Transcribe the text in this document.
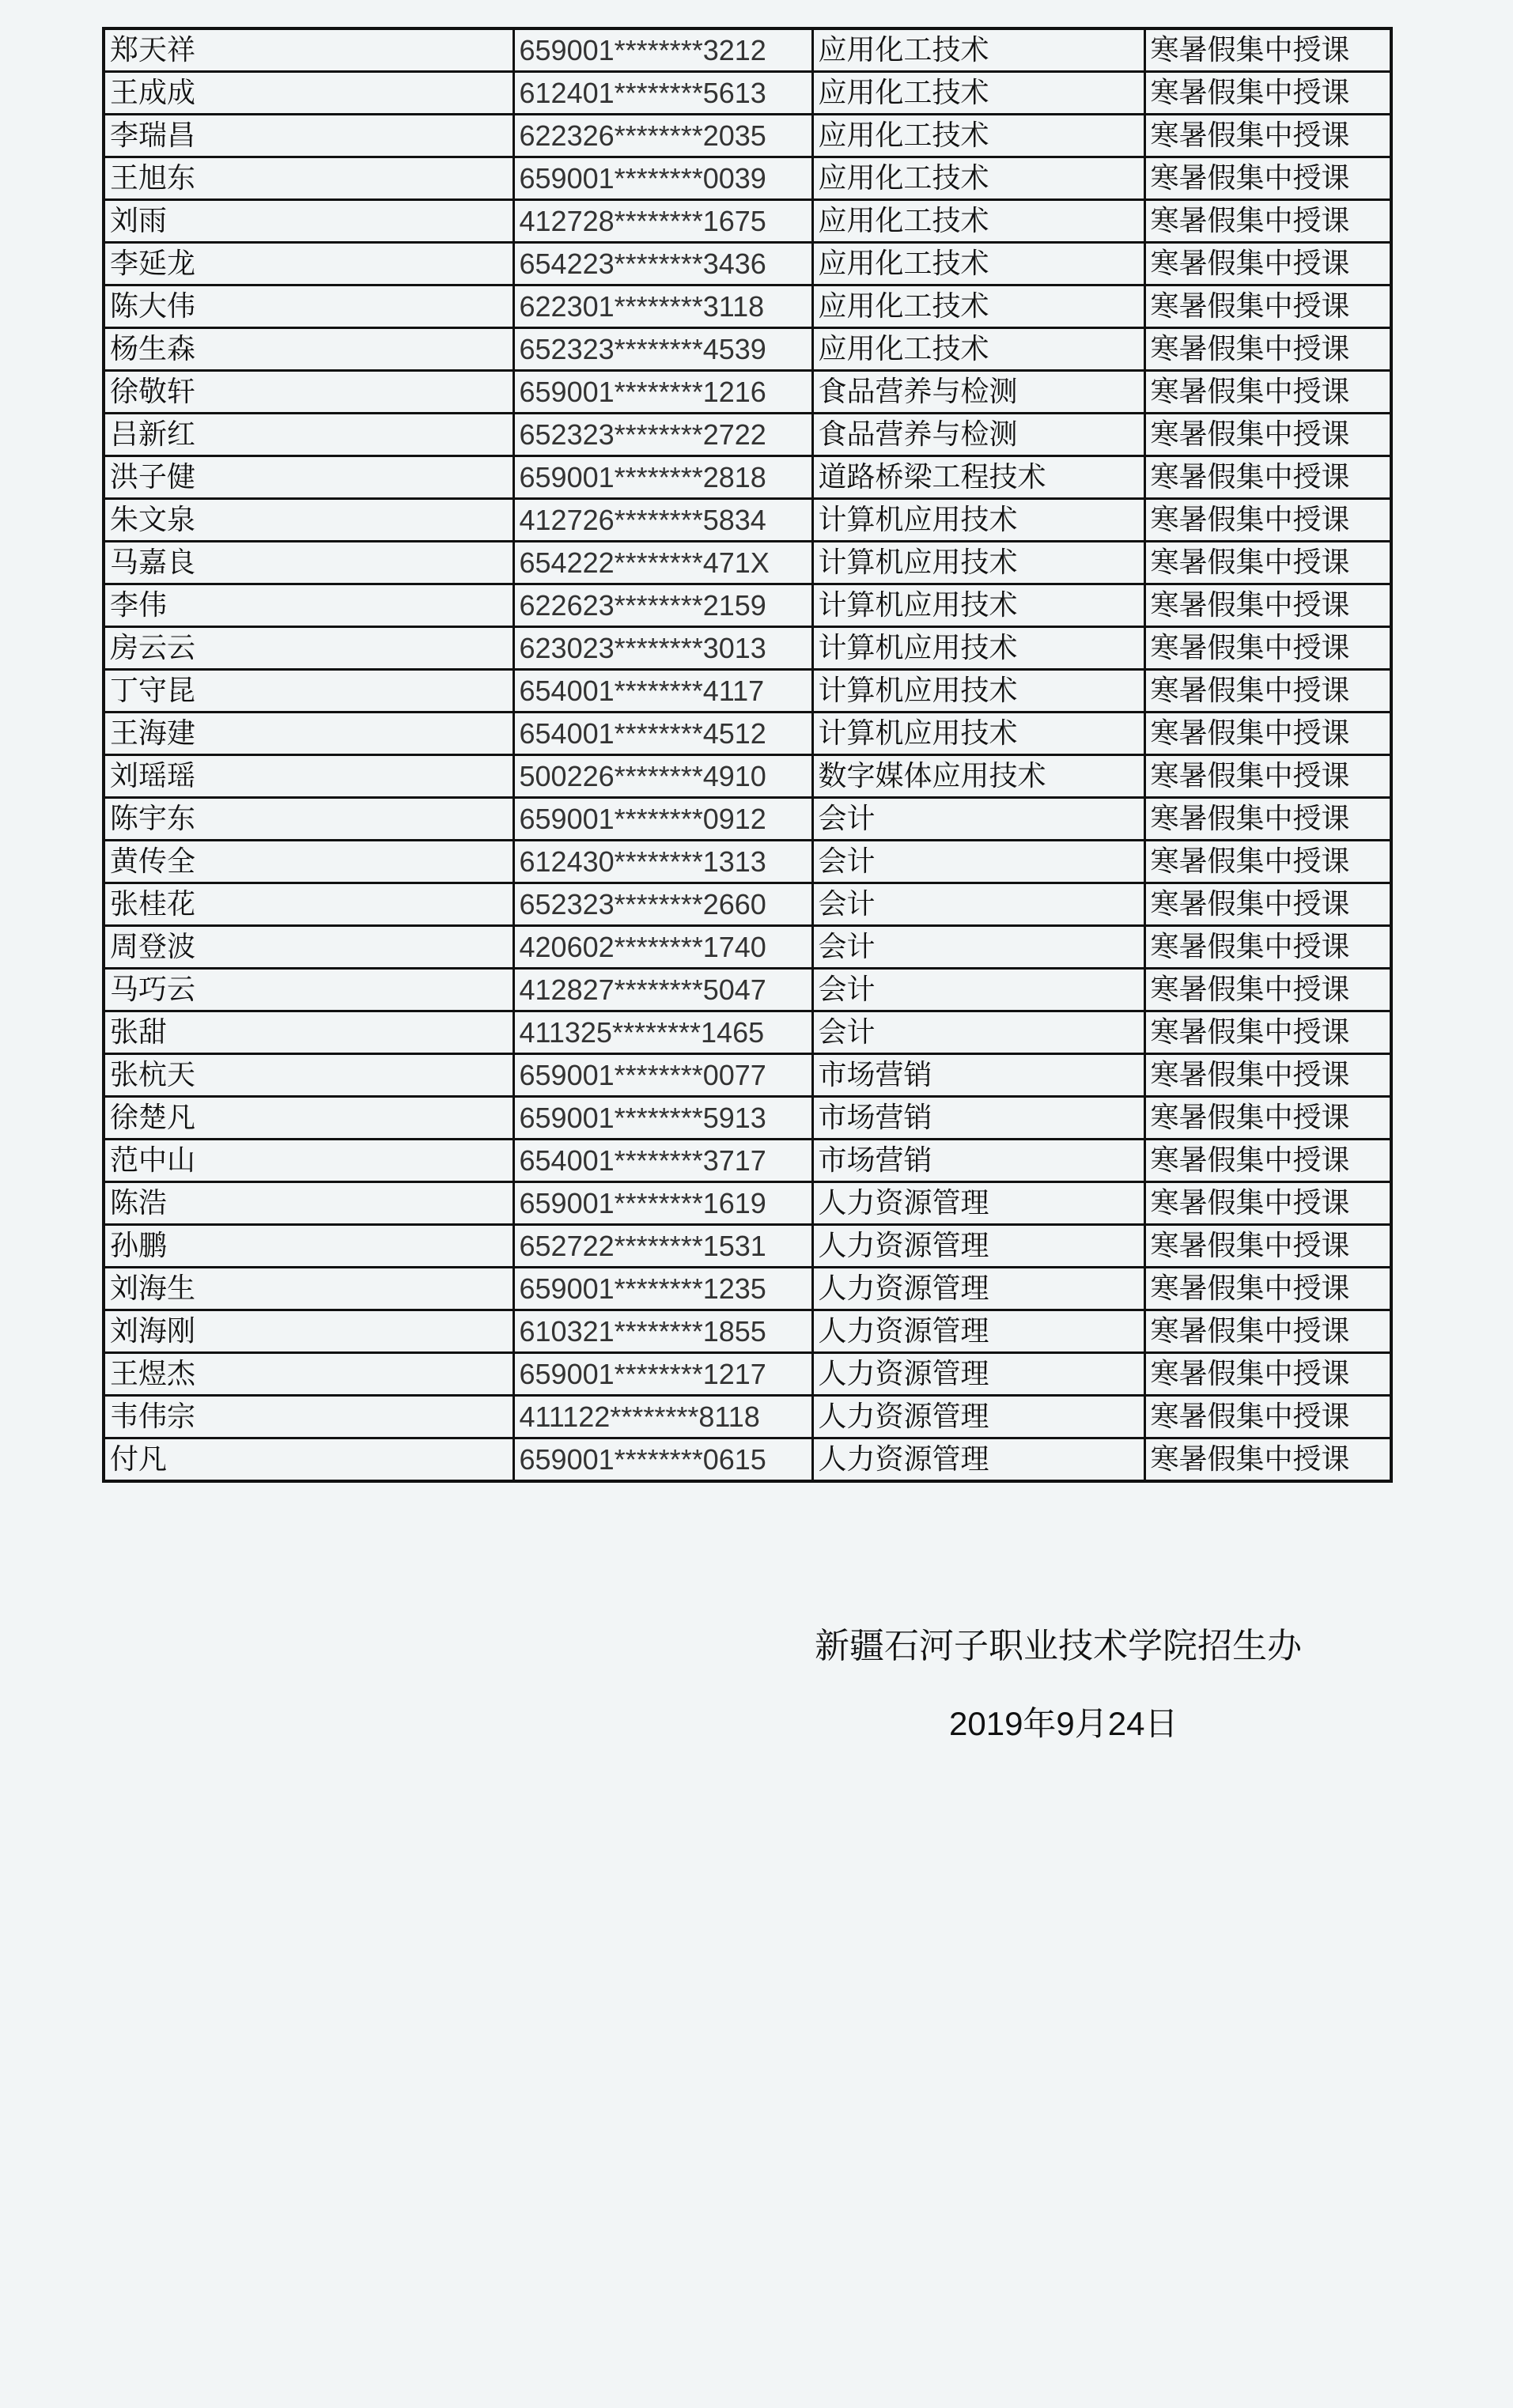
郑天祥	659001********3212	应用化工技术	寒暑假集中授课
王成成	612401********5613	应用化工技术	寒暑假集中授课
李瑞昌	622326********2035	应用化工技术	寒暑假集中授课
王旭东	659001********0039	应用化工技术	寒暑假集中授课
刘雨	412728********1675	应用化工技术	寒暑假集中授课
李延龙	654223********3436	应用化工技术	寒暑假集中授课
陈大伟	622301********3118	应用化工技术	寒暑假集中授课
杨生森	652323********4539	应用化工技术	寒暑假集中授课
徐敬轩	659001********1216	食品营养与检测	寒暑假集中授课
吕新红	652323********2722	食品营养与检测	寒暑假集中授课
洪子健	659001********2818	道路桥梁工程技术	寒暑假集中授课
朱文泉	412726********5834	计算机应用技术	寒暑假集中授课
马嘉良	654222********471X	计算机应用技术	寒暑假集中授课
李伟	622623********2159	计算机应用技术	寒暑假集中授课
房云云	623023********3013	计算机应用技术	寒暑假集中授课
丁守昆	654001********4117	计算机应用技术	寒暑假集中授课
王海建	654001********4512	计算机应用技术	寒暑假集中授课
刘瑶瑶	500226********4910	数字媒体应用技术	寒暑假集中授课
陈宇东	659001********0912	会计	寒暑假集中授课
黄传全	612430********1313	会计	寒暑假集中授课
张桂花	652323********2660	会计	寒暑假集中授课
周登波	420602********1740	会计	寒暑假集中授课
马巧云	412827********5047	会计	寒暑假集中授课
张甜	411325********1465	会计	寒暑假集中授课
张杭天	659001********0077	市场营销	寒暑假集中授课
徐楚凡	659001********5913	市场营销	寒暑假集中授课
范中山	654001********3717	市场营销	寒暑假集中授课
陈浩	659001********1619	人力资源管理	寒暑假集中授课
孙鹏	652722********1531	人力资源管理	寒暑假集中授课
刘海生	659001********1235	人力资源管理	寒暑假集中授课
刘海刚	610321********1855	人力资源管理	寒暑假集中授课
王煜杰	659001********1217	人力资源管理	寒暑假集中授课
韦伟宗	411122********8118	人力资源管理	寒暑假集中授课
付凡	659001********0615	人力资源管理	寒暑假集中授课
新疆石河子职业技术学院招生办
2019年9月24日
